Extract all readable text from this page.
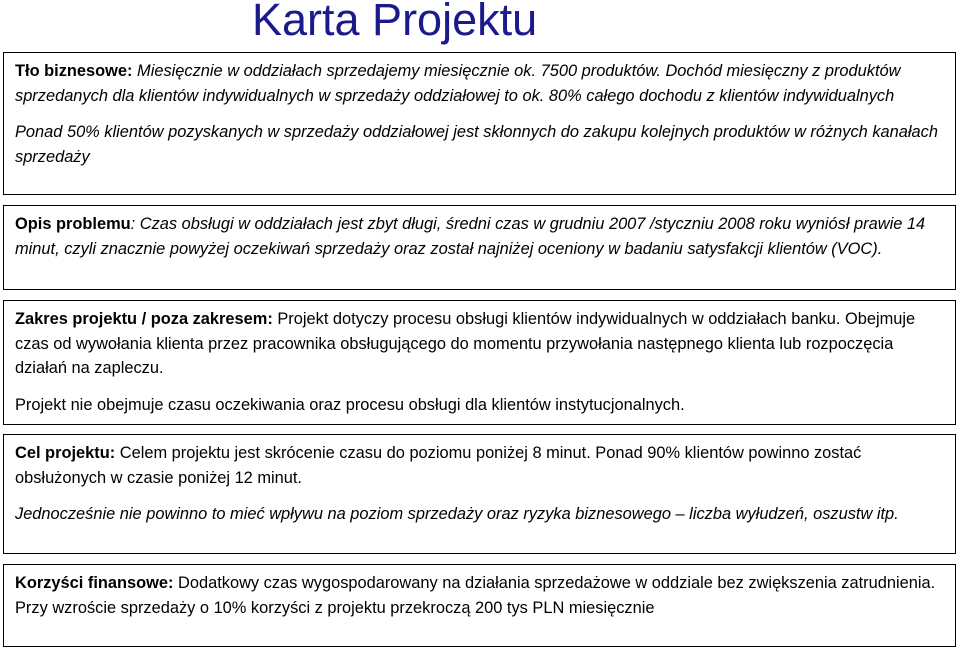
Karta Projektu

Tło biznesowe: Miesięcznie w oddziałach sprzedajemy miesięcznie ok. 7500 produktów. Dochód miesięczny z produktów sprzedanych dla klientów indywidualnych w sprzedaży oddziałowej to ok. 80% całego dochodu z klientów indywidualnych

Ponad 50% klientów pozyskanych w sprzedaży oddziałowej jest skłonnych do zakupu kolejnych produktów w różnych kanałach sprzedaży

Opis problemu: Czas obsługi w oddziałach jest zbyt długi, średni czas w grudniu 2007 /styczniu 2008 roku wyniósł prawie 14 minut, czyli znacznie powyżej oczekiwań sprzedaży oraz został najniżej oceniony w badaniu satysfakcji klientów (VOC).

Zakres projektu / poza zakresem: Projekt dotyczy procesu obsługi klientów indywidualnych w oddziałach banku. Obejmuje czas od wywołania klienta przez pracownika obsługującego do momentu przywołania następnego klienta lub rozpoczęcia działań na zapleczu.

Projekt nie obejmuje czasu oczekiwania oraz procesu obsługi dla klientów instytucjonalnych.

Cel projektu: Celem projektu jest skrócenie czasu do poziomu poniżej 8 minut. Ponad 90% klientów powinno zostać obsłużonych w czasie poniżej 12 minut.

Jednocześnie nie powinno to mieć wpływu na poziom sprzedaży oraz ryzyka biznesowego – liczba wyłudzeń, oszustw itp.

Korzyści finansowe: Dodatkowy czas wygospodarowany na działania sprzedażowe w oddziale bez zwiększenia zatrudnienia. Przy wzroście sprzedaży o 10% korzyści z projektu przekroczą 200 tys PLN miesięcznie
